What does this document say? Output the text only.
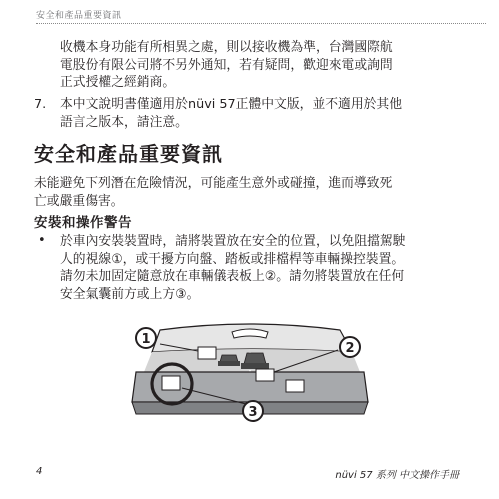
安全和產品重要資訊
收機本身功能有所相異之處，則以接收機為準，台灣國際航
電股份有限公司將不另外通知，若有疑問，歡迎來電或詢問
正式授權之經銷商。
7. 本中文說明書僅適用於nüvi 57正體中文版，並不適用於其他
語言之版本，請注意。
安全和產品重要資訊
未能避免下列潛在危險情況，可能產生意外或碰撞，進而導致死
亡或嚴重傷害。
安裝和操作警告
• 於車內安裝裝置時，請將裝置放在安全的位置，以免阻擋駕駛
人的視線①，或干擾方向盤、踏板或排檔桿等車輛操控裝置。
請勿未加固定隨意放在車輛儀表板上②。請勿將裝置放在任何
安全氣囊前方或上方③。
1
2
3
4	nüvi 57 系列 中文操作手冊
